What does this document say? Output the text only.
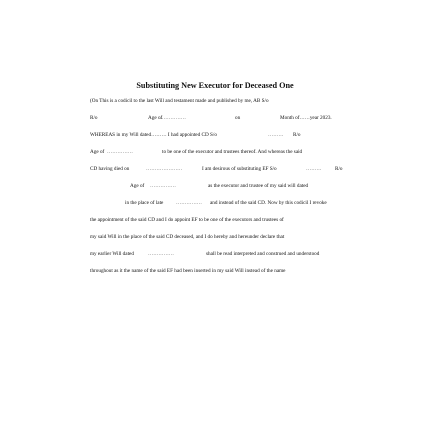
Substituting New Executor for Deceased One
(On This is a codicil to the last Will and testament made and published by me, AB S/o
R/o	Age of
……………	on	Month of……year 2023.
WHEREAS in my Will dated……… I had appointed CD S/o	……… R/o
Age of ……………	to be one of the executor and trustees thereof. And whereas the said
CD having died on	…………………	I am desirous of substituting EF S/o	………	R/o
Age of ……………	as the executor and trustee of my said will dated
in the place of late …………… and instead of the said CD. Now by this codicil I revoke
the appointment of the said CD and I do appoint EF to be one of the executors and trustees of
my said Will in the place of the said CD deceased, and I do hereby and hereunder declare that
my earlier Will dated	……………	shall be read interpreted and construed and understood
throughout as it the name of the said EF had been inserted in my said Will instead of the name
